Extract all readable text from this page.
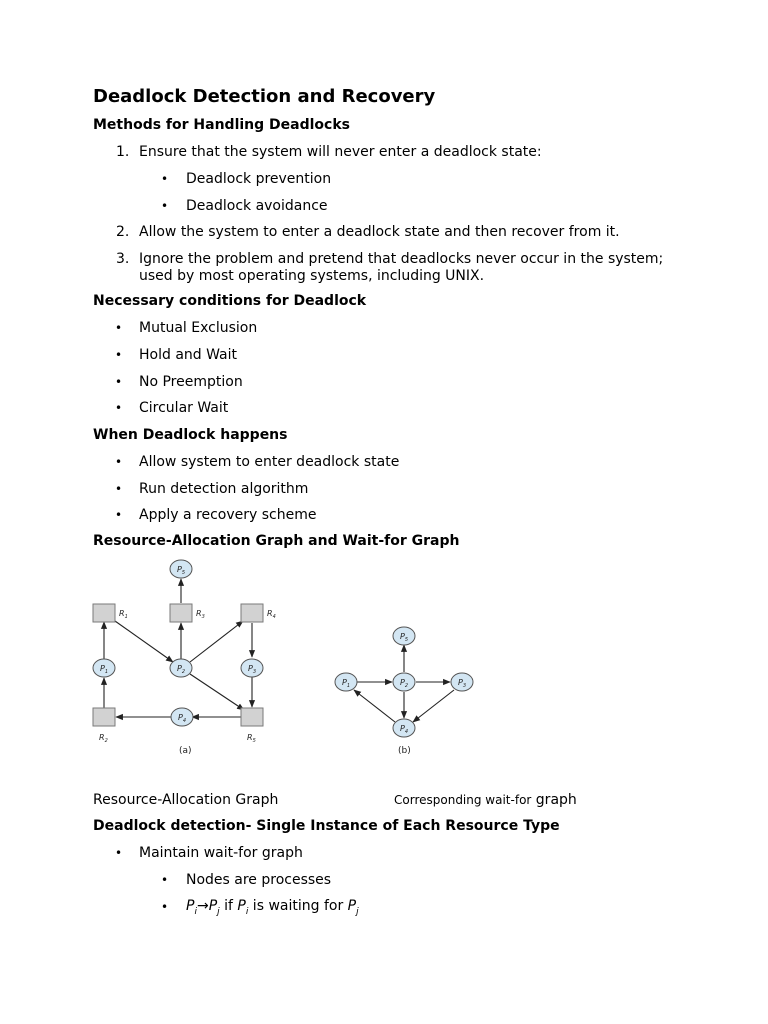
Deadlock Detection and Recovery
Methods for Handling Deadlocks
1. Ensure that the system will never enter a deadlock state:
• Deadlock prevention
• Deadlock avoidance
2. Allow the system to enter a deadlock state and then recover from it.
3. Ignore the problem and pretend that deadlocks never occur in the system;
used by most operating systems, including UNIX.
Necessary conditions for Deadlock
• Mutual Exclusion
• Hold and Wait
• No Preemption
• Circular Wait
When Deadlock happens
• Allow system to enter deadlock state
• Run detection algorithm
• Apply a recovery scheme
Resource-Allocation Graph and Wait-for Graph
$P_5$
$P_1$	$P_2$	$P_3$
$P_4$
$R_1$	$R_3$	$R_4$
$R_2$	$R_5$
(a)
$P_5$
$P_1$	$P_2$	$P_3$
$P_4$
(b)
Resource-Allocation Graph	Corresponding wait-for graph
Deadlock detection- Single Instance of Each Resource Type
• Maintain wait-for graph
• Nodes are processes
• $P_i\to P_j$ if $P_i$ is waiting for $P_j$
